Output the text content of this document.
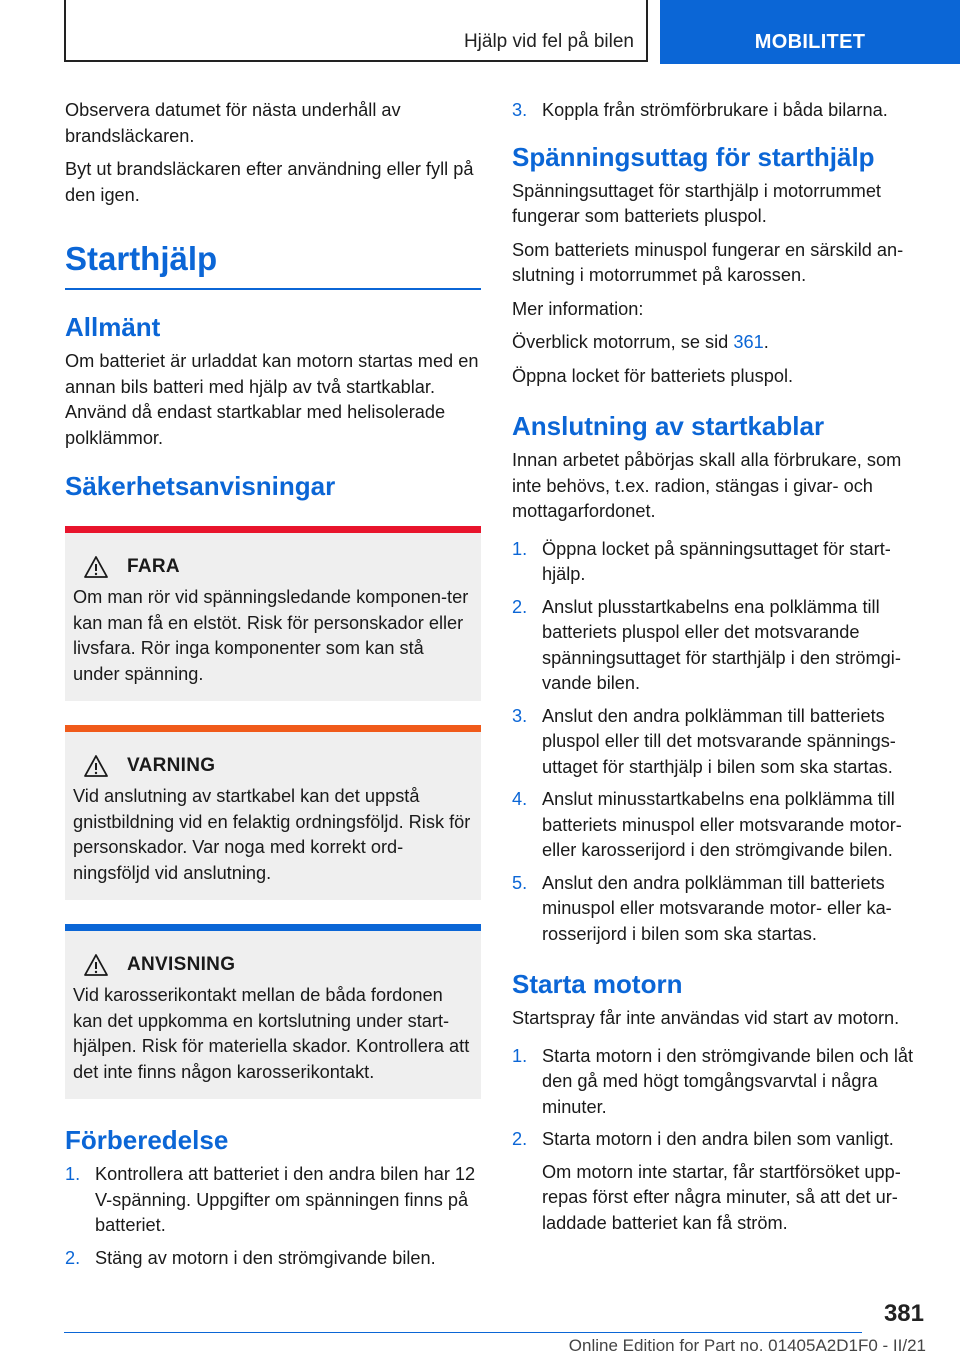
Hjälp vid fel på bilen	MOBILITET

Observera datumet för nästa underhåll av brandsläckaren.

Byt ut brandsläckaren efter användning eller fyll på den igen.

Starthjälp
Allmänt

Om batteriet är urladdat kan motorn startas med en annan bils batteri med hjälp av två startkablar. Använd då endast startkablar med helisolerade polklämmor.

Säkerhetsanvisningar
FARA

Om man rör vid spänningsledande komponen-ter kan man få en elstöt. Risk för personskador eller livsfara. Rör inga komponenter som kan stå under spänning.

VARNING

Vid anslutning av startkabel kan det uppstå gnistbildning vid en felaktig ordningsföljd. Risk för personskador. Var noga med korrekt ord-ningsföljd vid anslutning.

ANVISNING

Vid karosserikontakt mellan de båda fordonen kan det uppkomma en kortslutning under start-hjälpen. Risk för materiella skador. Kontrollera att det inte finns någon karosserikontakt.

Förberedelse
1. Kontrollera att batteriet i den andra bilen har 12 V-spänning. Uppgifter om spänningen finns på batteriet.
2. Stäng av motorn i den strömgivande bilen.
3. Koppla från strömförbrukare i båda bilarna.
Spänningsuttag för starthjälp

Spänningsuttaget för starthjälp i motorrummet fungerar som batteriets pluspol.

Som batteriets minuspol fungerar en särskild an-slutning i motorrummet på karossen.

Mer information:

Överblick motorrum, se sid 361.

Öppna locket för batteriets pluspol.

Anslutning av startkablar

Innan arbetet påbörjas skall alla förbrukare, som inte behövs, t.ex. radion, stängas i givar- och mottagarfordonet.

1. Öppna locket på spänningsuttaget för start-hjälp.
2. Anslut plusstartkabelns ena polklämma till batteriets pluspol eller det motsvarande spänningsuttaget för starthjälp i den strömgi-vande bilen.
3. Anslut den andra polklämman till batteriets pluspol eller till det motsvarande spännings-uttaget för starthjälp i bilen som ska startas.
4. Anslut minusstartkabelns ena polklämma till batteriets minuspol eller motsvarande motor-eller karosserijord i den strömgivande bilen.
5. Anslut den andra polklämman till batteriets minuspol eller motsvarande motor- eller ka-rosserijord i bilen som ska startas.
Starta motorn

Startspray får inte användas vid start av motorn.

1. Starta motorn i den strömgivande bilen och låt den gå med högt tomgångsvarvtal i några minuter.
2. Starta motorn i den andra bilen som vanligt.
Om motorn inte startar, får startförsöket upp-repas först efter några minuter, så att det ur-laddade batteriet kan få ström.
381
Online Edition for Part no. 01405A2D1F0 - II/21
